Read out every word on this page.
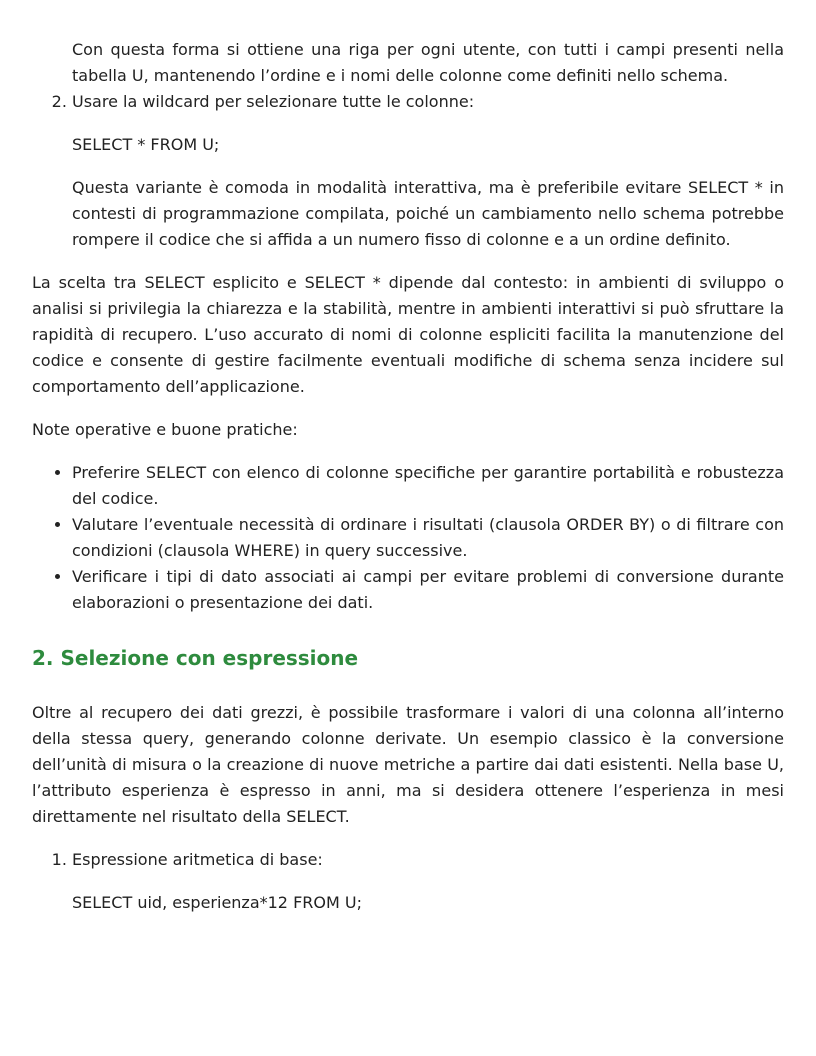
Con questa forma si ottiene una riga per ogni utente, con tutti i campi presenti nella tabella U, mantenendo l’ordine e i nomi delle colonne come definiti nello schema.

2. Usare la wildcard per selezionare tutte le colonne:

SELECT * FROM U;

Questa variante è comoda in modalità interattiva, ma è preferibile evitare SELECT * in contesti di programmazione compilata, poiché un cambiamento nello schema potrebbe rompere il codice che si affida a un numero fisso di colonne e a un ordine definito.

La scelta tra SELECT esplicito e SELECT * dipende dal contesto: in ambienti di sviluppo o analisi si privilegia la chiarezza e la stabilità, mentre in ambienti interattivi si può sfruttare la rapidità di recupero. L’uso accurato di nomi di colonne espliciti facilita la manutenzione del codice e consente di gestire facilmente eventuali modifiche di schema senza incidere sul comportamento dell’applicazione.

Note operative e buone pratiche:

• Preferire SELECT con elenco di colonne specifiche per garantire portabilità e robustezza del codice.
• Valutare l’eventuale necessità di ordinare i risultati (clausola ORDER BY) o di filtrare con condizioni (clausola WHERE) in query successive.
• Verificare i tipi di dato associati ai campi per evitare problemi di conversione durante elaborazioni o presentazione dei dati.
2. Selezione con espressione

Oltre al recupero dei dati grezzi, è possibile trasformare i valori di una colonna all’interno della stessa query, generando colonne derivate. Un esempio classico è la conversione dell’unità di misura o la creazione di nuove metriche a partire dai dati esistenti. Nella base U, l’attributo esperienza è espresso in anni, ma si desidera ottenere l’esperienza in mesi direttamente nel risultato della SELECT.

1. Espressione aritmetica di base:

SELECT uid, esperienza*12 FROM U;
